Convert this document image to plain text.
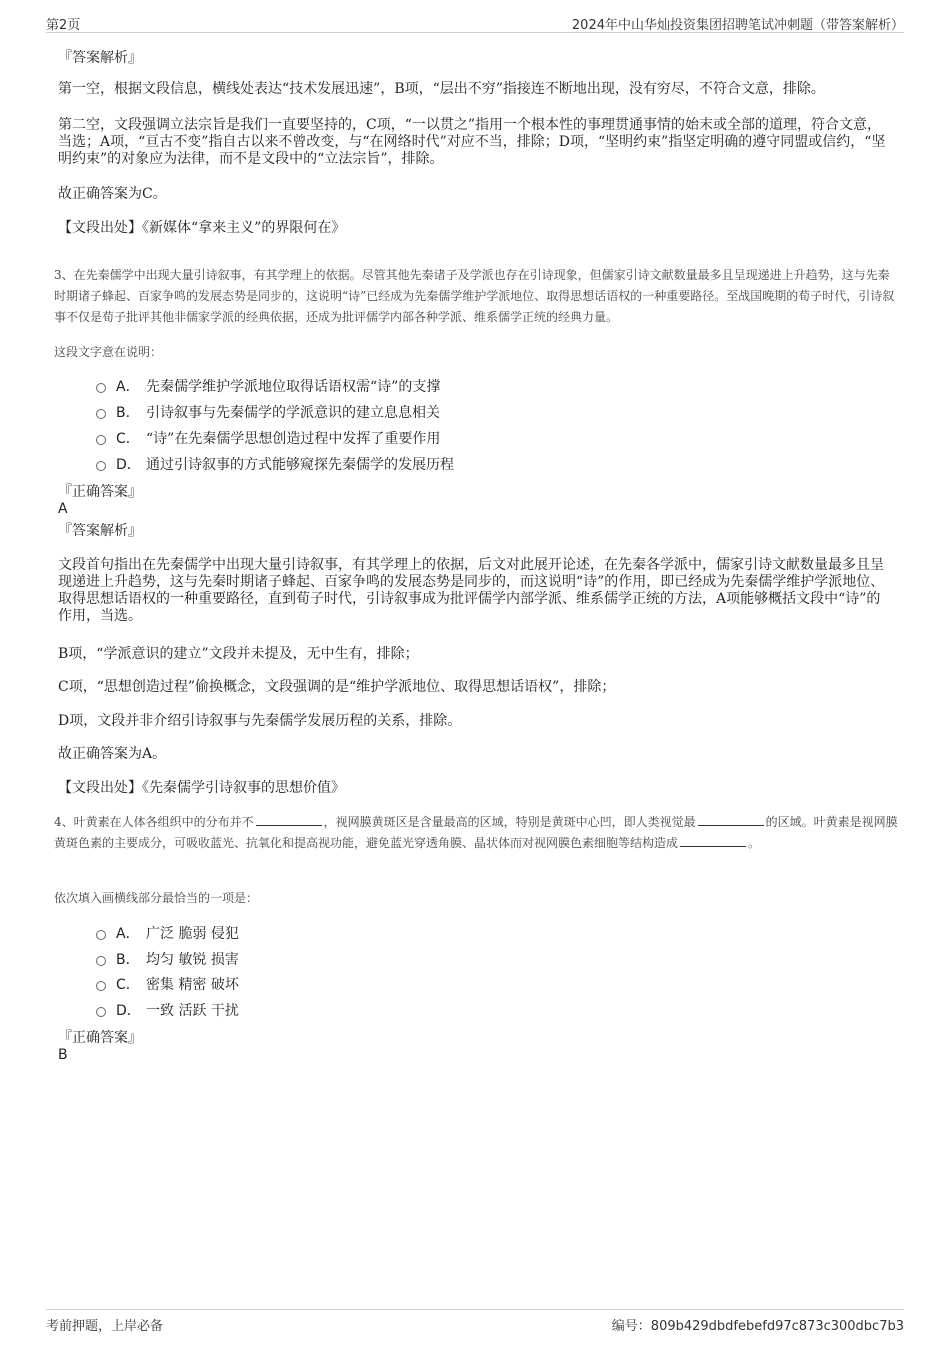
第2页	2024年中山华灿投资集团招聘笔试冲刺题（带答案解析）
『答案解析』
第一空，根据文段信息，横线处表达“技术发展迅速”，B项，“层出不穷”指接连不断地出现，没有穷尽，不符合文意，排除。
第二空，文段强调立法宗旨是我们一直要坚持的，C项，“一以贯之”指用一个根本性的事理贯通事情的始末或全部的道理，符合文意，当选；A项，“亘古不变”指自古以来不曾改变，与“在网络时代”对应不当，排除；D项，“坚明约束”指坚定明确的遵守同盟或信约，“坚明约束”的对象应为法律，而不是文段中的“立法宗旨”，排除。
故正确答案为C。
【文段出处】《新媒体“拿来主义”的界限何在》
3、在先秦儒学中出现大量引诗叙事，有其学理上的依据。尽管其他先秦诸子及学派也存在引诗现象，但儒家引诗文献数量最多且呈现递进上升趋势，这与先秦时期诸子蜂起、百家争鸣的发展态势是同步的，这说明“诗”已经成为先秦儒学维护学派地位、取得思想话语权的一种重要路径。至战国晚期的荀子时代，引诗叙事不仅是荀子批评其他非儒家学派的经典依据，还成为批评儒学内部各种学派、维系儒学正统的经典力量。
这段文字意在说明：
A． 先秦儒学维护学派地位取得话语权需“诗”的支撑
B． 引诗叙事与先秦儒学的学派意识的建立息息相关
C． “诗”在先秦儒学思想创造过程中发挥了重要作用
D． 通过引诗叙事的方式能够窥探先秦儒学的发展历程
『正确答案』
A
『答案解析』
文段首句指出在先秦儒学中出现大量引诗叙事，有其学理上的依据，后文对此展开论述，在先秦各学派中，儒家引诗文献数量最多且呈现递进上升趋势，这与先秦时期诸子蜂起、百家争鸣的发展态势是同步的，而这说明“诗”的作用，即已经成为先秦儒学维护学派地位、取得思想话语权的一种重要路径，直到荀子时代，引诗叙事成为批评儒学内部学派、维系儒学正统的方法，A项能够概括文段中“诗”的作用，当选。
B项，“学派意识的建立”文段并未提及，无中生有，排除；
C项，“思想创造过程”偷换概念，文段强调的是“维护学派地位、取得思想话语权”，排除；
D项，文段并非介绍引诗叙事与先秦儒学发展历程的关系，排除。
故正确答案为A。
【文段出处】《先秦儒学引诗叙事的思想价值》
4、叶黄素在人体各组织中的分布并不	，视网膜黄斑区是含量最高的区域，特别是黄斑中心凹，即人类视觉最	的区域。叶黄素是视网膜黄斑色素的主要成分，可吸收蓝光、抗氧化和提高视功能，避免蓝光穿透角膜、晶状体而对视网膜色素细胞等结构造成	。
依次填入画横线部分最恰当的一项是：
A． 广泛 脆弱 侵犯
B． 均匀 敏锐 损害
C． 密集 精密 破坏
D． 一致 活跃 干扰
『正确答案』
B
考前押题，上岸必备	编号：809b429dbdfebefd97c873c300dbc7b3
